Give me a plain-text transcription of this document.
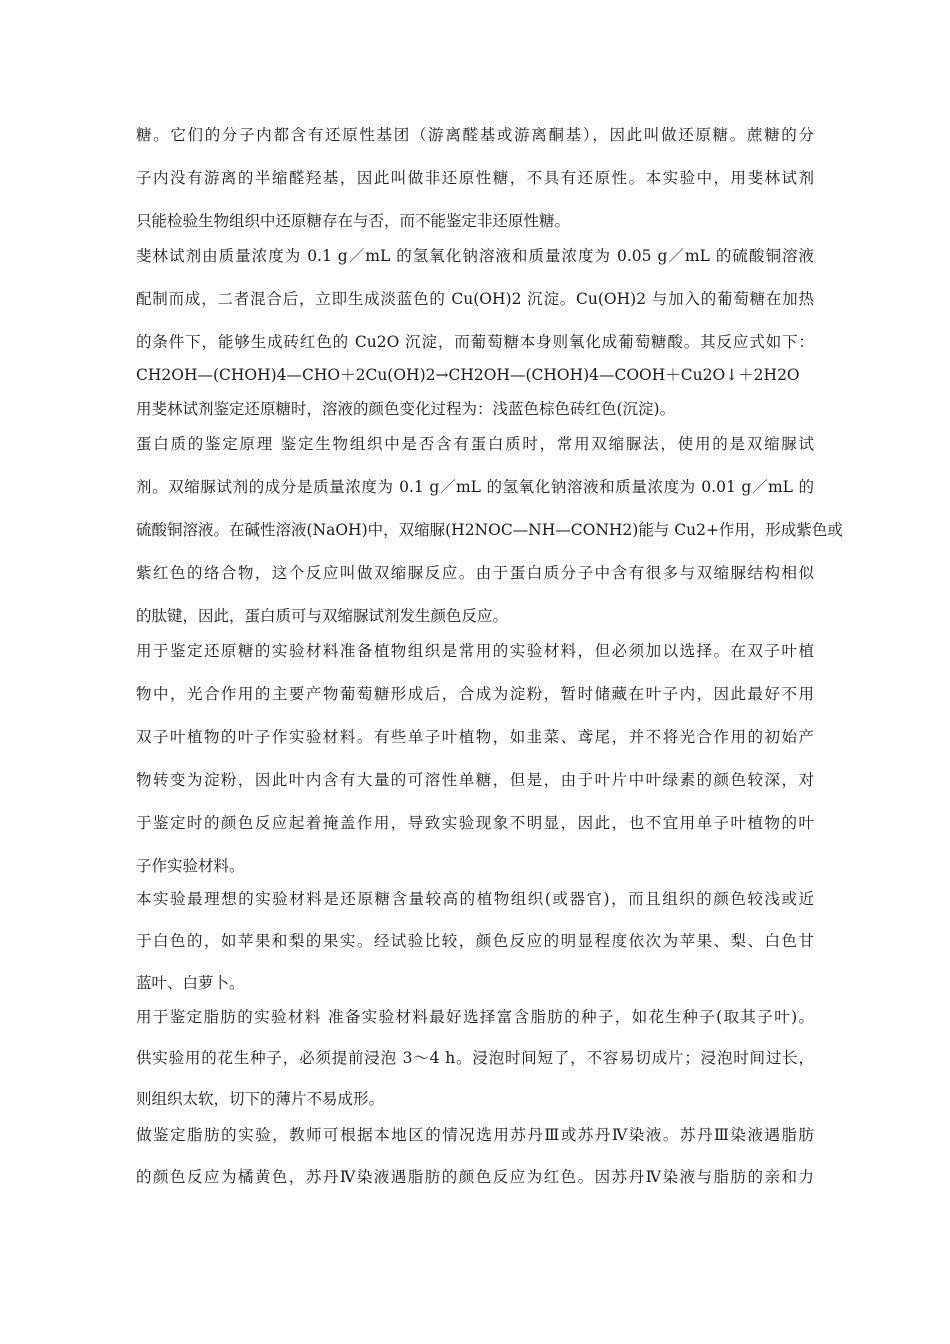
糖。它们的分子内都含有还原性基团（游离醛基或游离酮基），因此叫做还原糖。蔗糖的分
子内没有游离的半缩醛羟基，因此叫做非还原性糖，不具有还原性。本实验中，用斐林试剂
只能检验生物组织中还原糖存在与否，而不能鉴定非还原性糖。
斐林试剂由质量浓度为 0.1 g／mL 的氢氧化钠溶液和质量浓度为 0.05 g／mL 的硫酸铜溶液
配制而成，二者混合后，立即生成淡蓝色的 Cu(OH)2 沉淀。Cu(OH)2 与加入的葡萄糖在加热
的条件下，能够生成砖红色的 Cu2O 沉淀，而葡萄糖本身则氧化成葡萄糖酸。其反应式如下：
CH2OH—(CHOH)4—CHO＋2Cu(OH)2→CH2OH—(CHOH)4—COOH＋Cu2O↓＋2H2O
用斐林试剂鉴定还原糖时，溶液的颜色变化过程为：浅蓝色棕色砖红色(沉淀)。
蛋白质的鉴定原理 鉴定生物组织中是否含有蛋白质时，常用双缩脲法，使用的是双缩脲试
剂。双缩脲试剂的成分是质量浓度为 0.1 g／mL 的氢氧化钠溶液和质量浓度为 0.01 g／mL 的
硫酸铜溶液。在碱性溶液(NaOH)中，双缩脲(H2NOC—NH—CONH2)能与 Cu2+作用，形成紫色或
紫红色的络合物，这个反应叫做双缩脲反应。由于蛋白质分子中含有很多与双缩脲结构相似
的肽键，因此，蛋白质可与双缩脲试剂发生颜色反应。
用于鉴定还原糖的实验材料准备植物组织是常用的实验材料，但必须加以选择。在双子叶植
物中，光合作用的主要产物葡萄糖形成后，合成为淀粉，暂时储藏在叶子内，因此最好不用
双子叶植物的叶子作实验材料。有些单子叶植物，如韭菜、鸢尾，并不将光合作用的初始产
物转变为淀粉，因此叶内含有大量的可溶性单糖，但是，由于叶片中叶绿素的颜色较深，对
于鉴定时的颜色反应起着掩盖作用，导致实验现象不明显，因此，也不宜用单子叶植物的叶
子作实验材料。
本实验最理想的实验材料是还原糖含量较高的植物组织(或器官)，而且组织的颜色较浅或近
于白色的，如苹果和梨的果实。经试验比较，颜色反应的明显程度依次为苹果、梨、白色甘
蓝叶、白萝卜。
用于鉴定脂肪的实验材料 准备实验材料最好选择富含脂肪的种子，如花生种子(取其子叶)。
供实验用的花生种子，必须提前浸泡 3～4 h。浸泡时间短了，不容易切成片；浸泡时间过长，
则组织太软，切下的薄片不易成形。
做鉴定脂肪的实验，教师可根据本地区的情况选用苏丹Ⅲ或苏丹Ⅳ染液。苏丹Ⅲ染液遇脂肪
的颜色反应为橘黄色，苏丹Ⅳ染液遇脂肪的颜色反应为红色。因苏丹Ⅳ染液与脂肪的亲和力
